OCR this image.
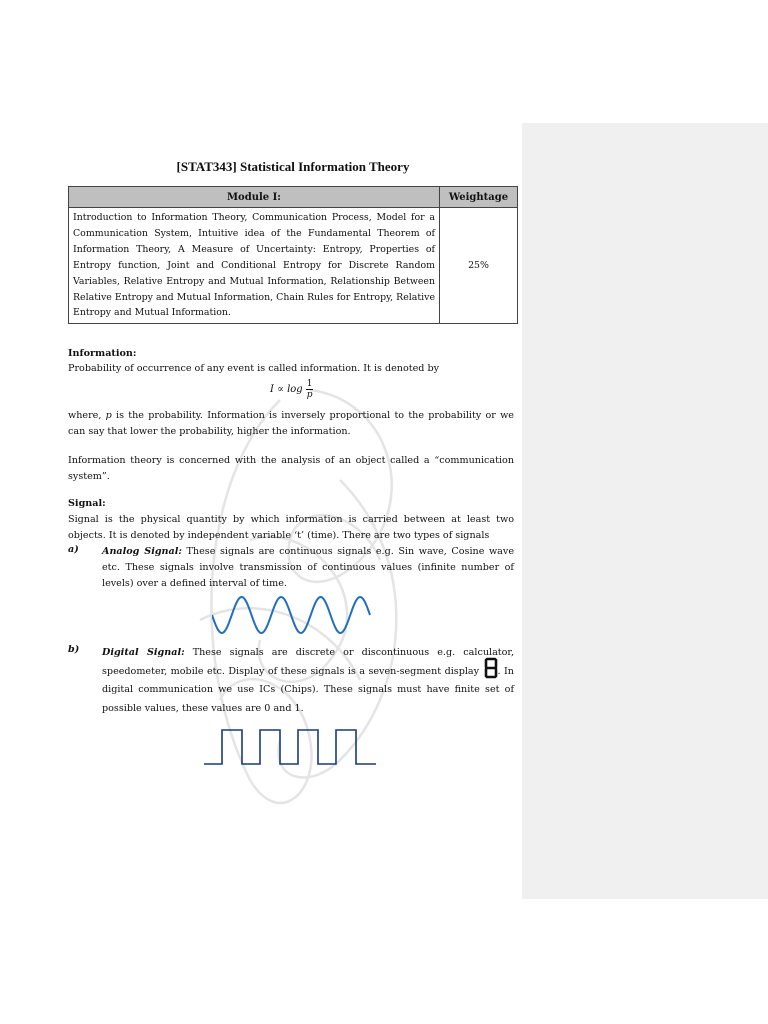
[STAT343] Statistical Information Theory
Module I:	Weightage
Introduction to Information Theory, Communication Process, Model for a Communication System, Intuitive idea of the Fundamental Theorem of Information Theory, A Measure of Uncertainty: Entropy, Properties of Entropy function, Joint and Conditional Entropy for Discrete Random Variables, Relative Entropy and Mutual Information, Relationship Between Relative Entropy and Mutual Information, Chain Rules for Entropy, Relative Entropy and Mutual Information.	25%
Information:
Probability of occurrence of any event is called information. It is denoted by
$I \propto \log \frac{1}{p}$
where, p is the probability. Information is inversely proportional to the probability or we can say that lower the probability, higher the information.
Information theory is concerned with the analysis of an object called a “communication system”.
Signal:
Signal is the physical quantity by which information is carried between at least two objects. It is denoted by independent variable ‘t’ (time). There are two types of signals
a) Analog Signal: These signals are continuous signals e.g. Sin wave, Cosine wave etc. These signals involve transmission of continuous values (infinite number of levels) over a defined interval of time.
b) Digital Signal: These signals are discrete or discontinuous e.g. calculator, speedometer, mobile etc. Display of these signals is a seven-segment display . In digital communication we use ICs (Chips). These signals must have finite set of possible values, these values are 0 and 1.
